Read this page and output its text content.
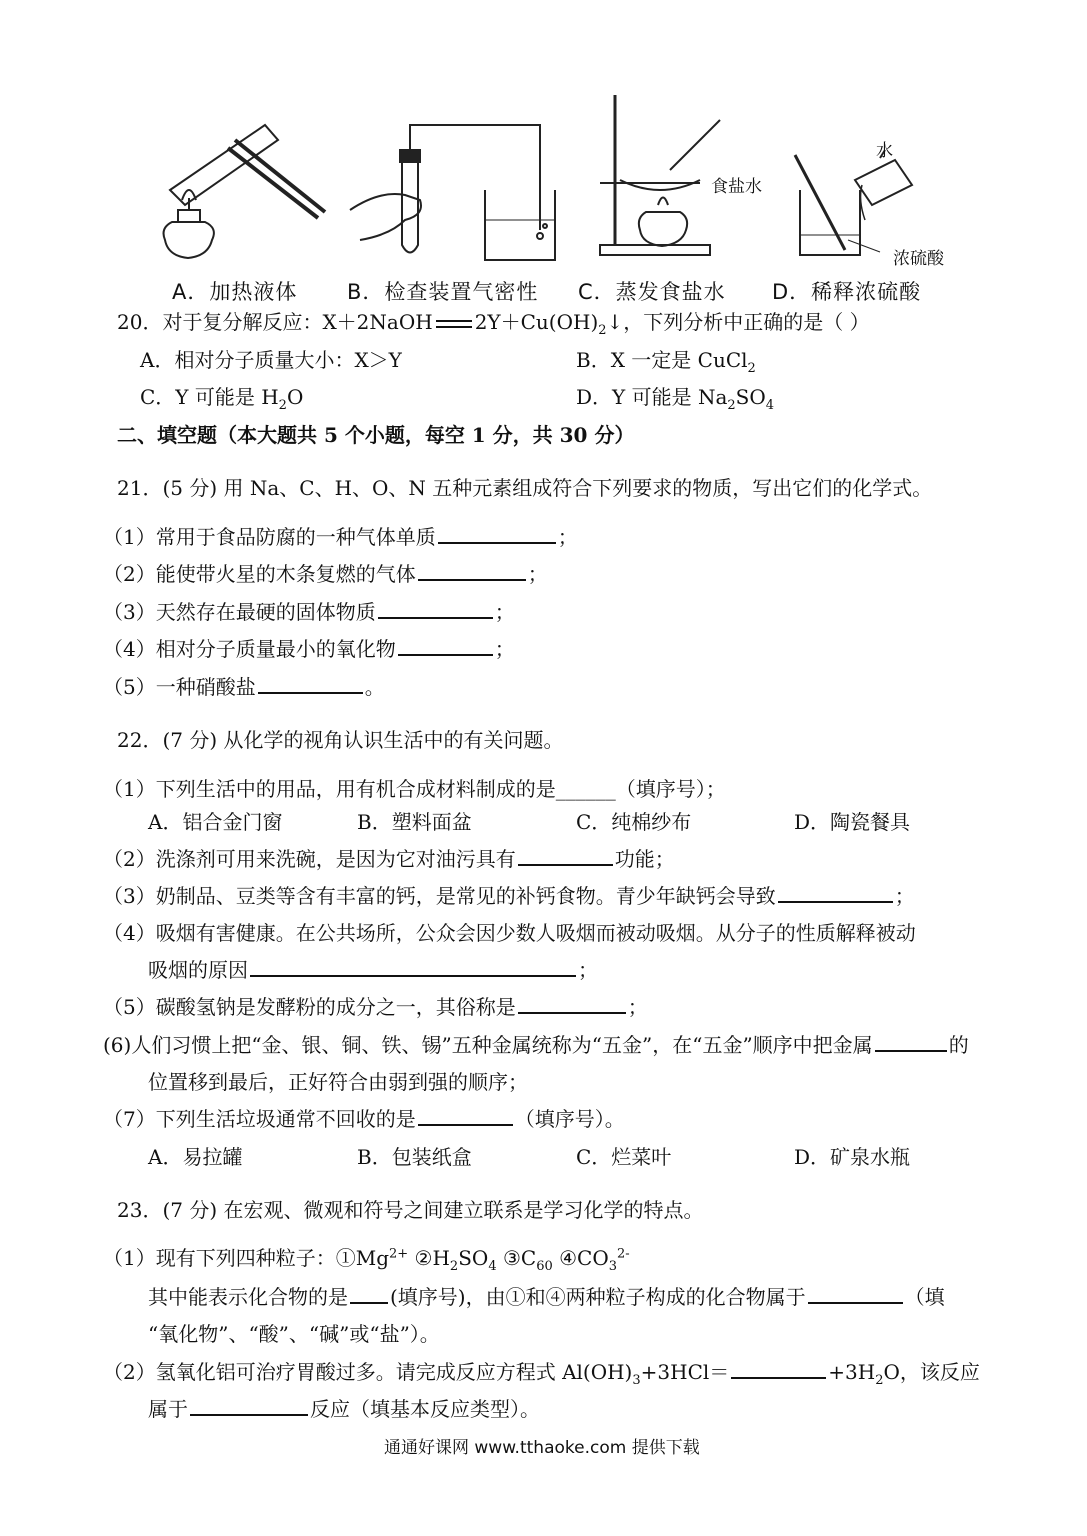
食盐水
水
浓硫酸
A．加热液体 B．检查装置气密性 C．蒸发食盐水 D．稀释浓硫酸
20．对于复分解反应：X＋2NaOH $2Y+Cu(OH)_2↓$，下列分析中正确的是（ ）
A．相对分子质量大小：X＞Y	B．X 一定是 CuCl$_2$
C．Y 可能是 $H_2O$	D．Y 可能是 $Na_2SO_4$
二、填空题（本大题共 5 个小题，每空 1 分，共 30 分）
21．(5 分) 用 Na、C、H、O、N 五种元素组成符合下列要求的物质，写出它们的化学式。
（1）常用于食品防腐的一种气体单质	；
（2）能使带火星的木条复燃的气体	；
（3）天然存在最硬的固体物质	；
（4）相对分子质量最小的氧化物	；
（5）一种硝酸盐	。
22．(7 分) 从化学的视角认识生活中的有关问题。
（1）下列生活中的用品，用有机合成材料制成的是______（填序号）；
A．铝合金门窗	B．塑料面盆	C．纯棉纱布	D．陶瓷餐具
（2）洗涤剂可用来洗碗，是因为它对油污具有	功能；
（3）奶制品、豆类等含有丰富的钙，是常见的补钙食物。青少年缺钙会导致	；
（4）吸烟有害健康。在公共场所，公众会因少数人吸烟而被动吸烟。从分子的性质解释被动
吸烟的原因	；
（5）碳酸氢钠是发酵粉的成分之一，其俗称是	；
(6)人们习惯上把“金、银、铜、铁、锡”五种金属统称为“五金”，在“五金”顺序中把金属	的
位置移到最后，正好符合由弱到强的顺序；
（7）下列生活垃圾通常不回收的是	（填序号）。
A．易拉罐	B．包装纸盒	C．烂菜叶	D．矿泉水瓶
23．(7 分) 在宏观、微观和符号之间建立联系是学习化学的特点。
（1）现有下列四种粒子：$①Mg^{2+}$ $②H_2SO_4$ $③C_{60}$ $④CO_3^{2-}$
其中能表示化合物的是 (填序号)，由①和④两种粒子构成的化合物属于	（填
“氧化物”、“酸”、“碱”或“盐”）。
（2）氢氧化铝可治疗胃酸过多。请完成反应方程式 $Al(OH)_3+3HCl=$	$+3H_2O$，该反应
属于	反应（填基本反应类型）。
通通好课网 www.tthaoke.com 提供下载
